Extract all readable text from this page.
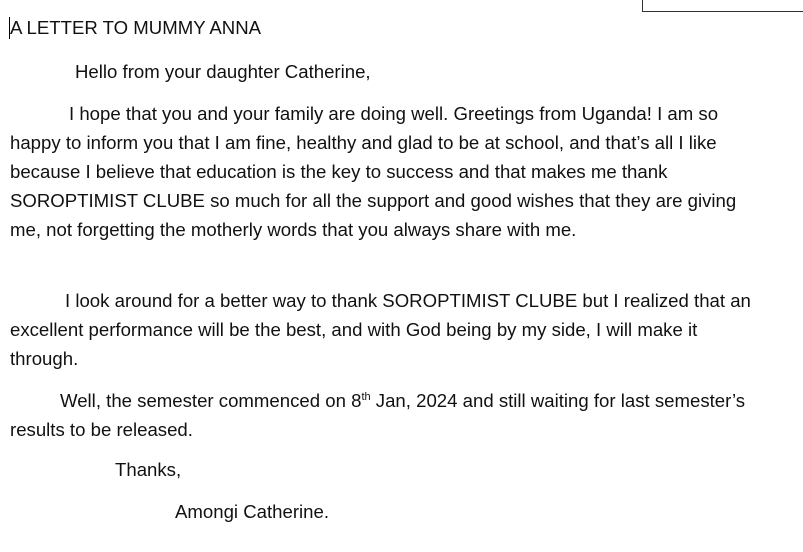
A LETTER TO MUMMY ANNA

Hello from your daughter Catherine,

I hope that you and your family are doing well. Greetings from Uganda! I am so happy to inform you that I am fine, healthy and glad to be at school, and that’s all I like because I believe that education is the key to success and that makes me thank SOROPTIMIST CLUBE so much for all the support and good wishes that they are giving me, not forgetting the motherly words that you always share with me.

I look around for a better way to thank SOROPTIMIST CLUBE but I realized that an excellent performance will be the best, and with God being by my side, I will make it through.

Well, the semester commenced on 8th Jan, 2024 and still waiting for last semester’s results to be released.

Thanks,

Amongi Catherine.
